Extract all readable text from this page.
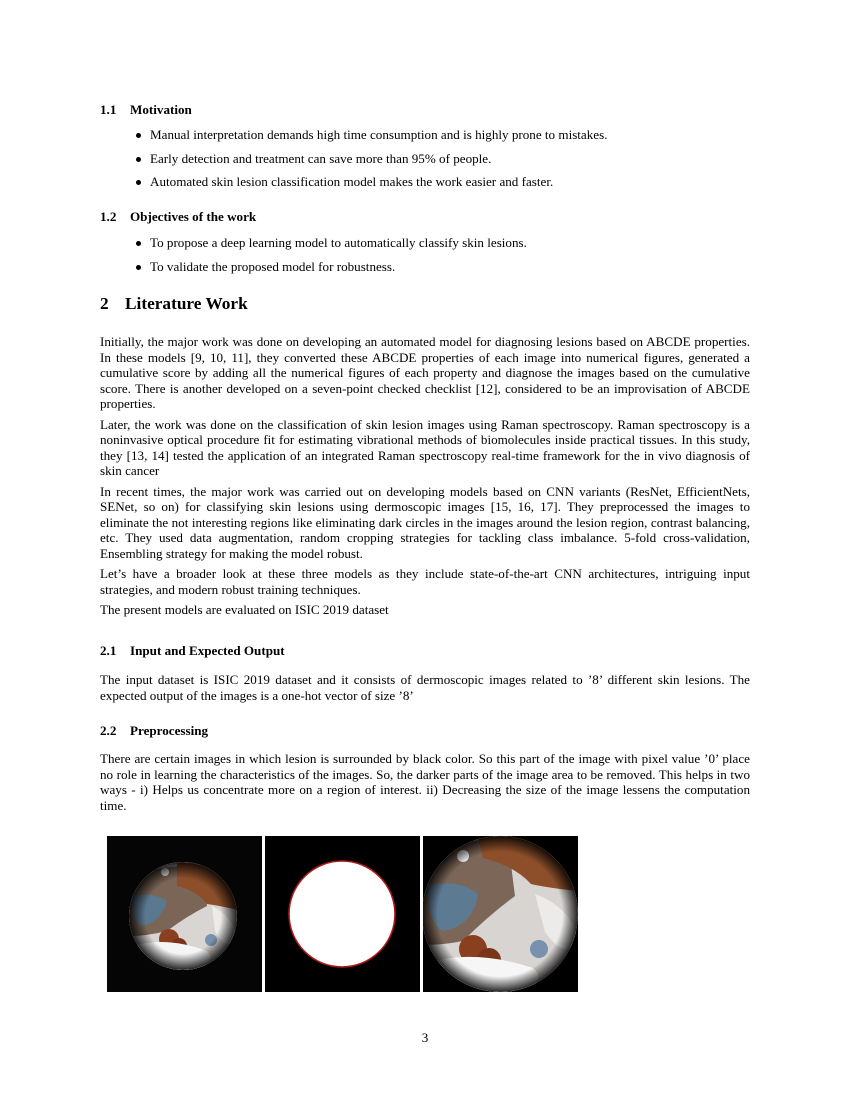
1.1 Motivation
Manual interpretation demands high time consumption and is highly prone to mistakes.
Early detection and treatment can save more than 95% of people.
Automated skin lesion classification model makes the work easier and faster.
1.2 Objectives of the work
To propose a deep learning model to automatically classify skin lesions.
To validate the proposed model for robustness.
2 Literature Work

Initially, the major work was done on developing an automated model for diagnosing lesions based on ABCDE properties. In these models [9, 10, 11], they converted these ABCDE properties of each image into numerical figures, generated a cumulative score by adding all the numerical figures of each property and diagnose the images based on the cumulative score. There is another developed on a seven-point checked checklist [12], considered to be an improvisation of ABCDE properties.

Later, the work was done on the classification of skin lesion images using Raman spectroscopy. Raman spectroscopy is a noninvasive optical procedure fit for estimating vibrational methods of biomolecules inside practical tissues. In this study, they [13, 14] tested the application of an integrated Raman spectroscopy real-time framework for the in vivo diagnosis of skin cancer

In recent times, the major work was carried out on developing models based on CNN variants (ResNet, EfficientNets, SENet, so on) for classifying skin lesions using dermoscopic images [15, 16, 17]. They preprocessed the images to eliminate the not interesting regions like eliminating dark circles in the images around the lesion region, contrast balancing, etc. They used data augmentation, random cropping strategies for tackling class imbalance. 5-fold cross-validation, Ensembling strategy for making the model robust.

Let’s have a broader look at these three models as they include state-of-the-art CNN architectures, intriguing input strategies, and modern robust training techniques.

The present models are evaluated on ISIC 2019 dataset

2.1 Input and Expected Output

The input dataset is ISIC 2019 dataset and it consists of dermoscopic images related to ’8’ different skin lesions. The expected output of the images is a one-hot vector of size ’8’

2.2 Preprocessing

There are certain images in which lesion is surrounded by black color. So this part of the image with pixel value ’0’ place no role in learning the characteristics of the images. So, the darker parts of the image area to be removed. This helps in two ways - i) Helps us concentrate more on a region of interest. ii) Decreasing the size of the image lessens the computation time.

3
